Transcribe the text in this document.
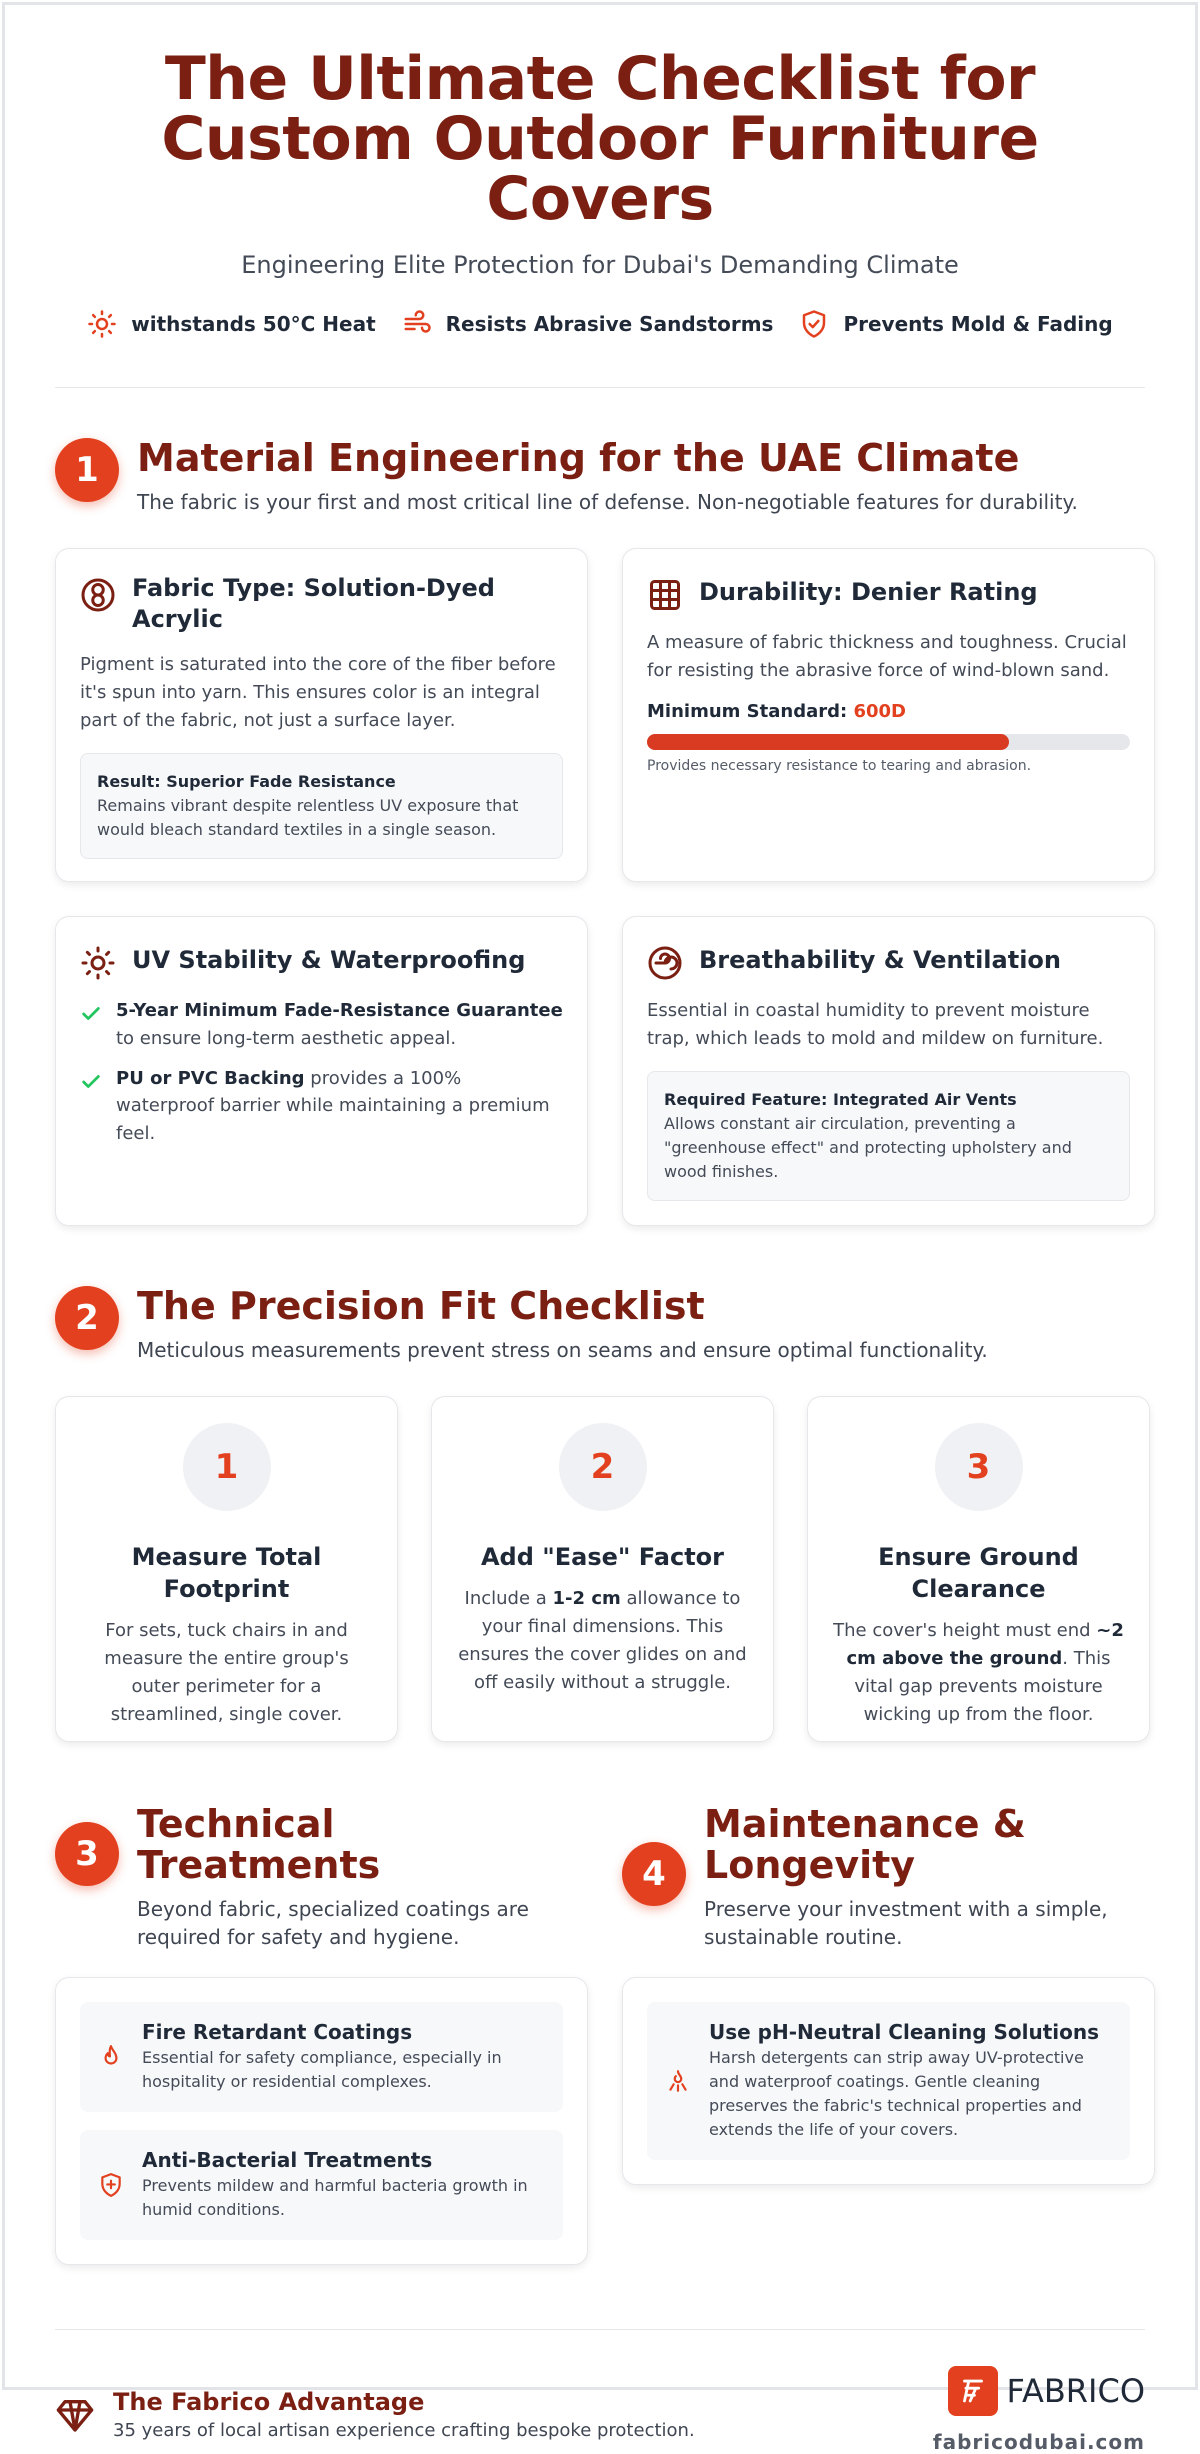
The Ultimate Checklist for
Custom Outdoor Furniture Covers
Engineering Elite Protection for Dubai's Demanding Climate
withstands 50°C Heat	Resists Abrasive Sandstorms	Prevents Mold & Fading
1	Material Engineering for the UAE Climate
The fabric is your first and most critical line of defense. Non-negotiable features for durability.
Fabric Type: Solution-Dyed Acrylic

Pigment is saturated into the core of the fiber before it's spun into yarn. This ensures color is an integral part of the fabric, not just a surface layer.

Result: Superior Fade Resistance
Remains vibrant despite relentless UV exposure that would bleach standard textiles in a single season.
Durability: Denier Rating

A measure of fabric thickness and toughness. Crucial for resisting the abrasive force of wind-blown sand.

Minimum Standard: 600D
Provides necessary resistance to tearing and abrasion.
UV Stability & Waterproofing
5-Year Minimum Fade-Resistance Guarantee to ensure long-term aesthetic appeal.
PU or PVC Backing provides a 100% waterproof barrier while maintaining a premium feel.
Breathability & Ventilation

Essential in coastal humidity to prevent moisture trap, which leads to mold and mildew on furniture.

Required Feature: Integrated Air Vents
Allows constant air circulation, preventing a "greenhouse effect" and protecting upholstery and wood finishes.
2	The Precision Fit Checklist
Meticulous measurements prevent stress on seams and ensure optimal functionality.
1
Measure Total Footprint

For sets, tuck chairs in and measure the entire group's outer perimeter for a streamlined, single cover.

2
Add "Ease" Factor

Include a 1-2 cm allowance to your final dimensions. This ensures the cover glides on and off easily without a struggle.

3
Ensure Ground Clearance

The cover's height must end ~2 cm above the ground. This vital gap prevents moisture wicking up from the floor.

3
Technical Treatments
Beyond fabric, specialized coatings are required for safety and hygiene.
Fire Retardant Coatings

Essential for safety compliance, especially in hospitality or residential complexes.

Anti-Bacterial Treatments

Prevents mildew and harmful bacteria growth in humid conditions.

4
Maintenance &
Longevity
Preserve your investment with a simple, sustainable routine.
Use pH-Neutral Cleaning Solutions

Harsh detergents can strip away UV-protective and waterproof coatings. Gentle cleaning preserves the fabric's technical properties and extends the life of your covers.

The Fabrico Advantage
35 years of local artisan experience crafting bespoke protection.
FABRICO
fabricodubai.com
